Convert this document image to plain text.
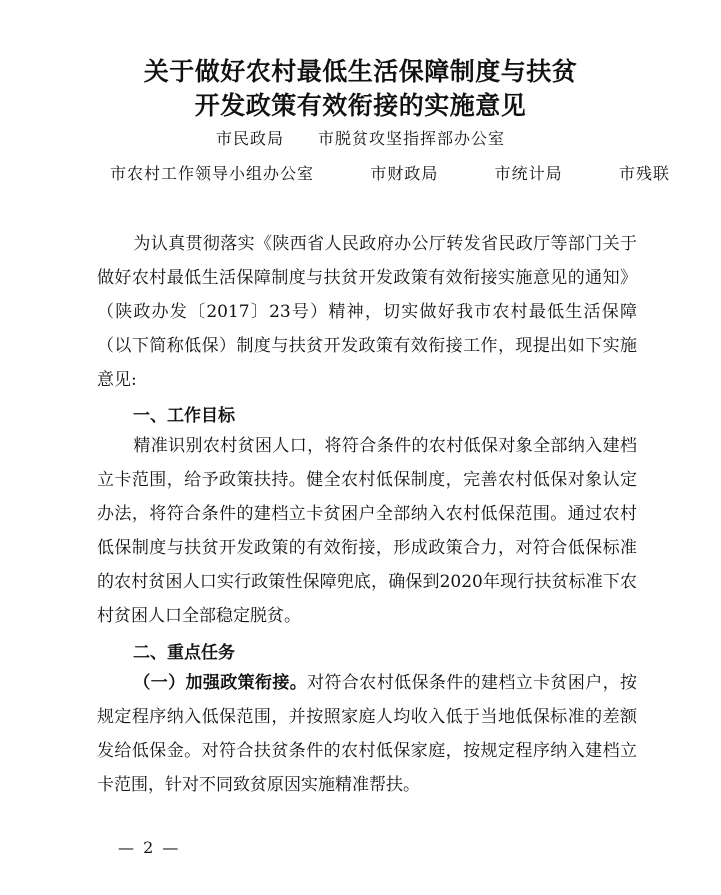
关于做好农村最低生活保障制度与扶贫
开发政策有效衔接的实施意见
市民政局 市脱贫攻坚指挥部办公室
市农村工作领导小组办公室	市财政局	市统计局	市残联

为认真贯彻落实《陕西省人民政府办公厅转发省民政厅等部门关于做好农村最低生活保障制度与扶贫开发政策有效衔接实施意见的通知》（陕政办发〔2017〕23号）精神，切实做好我市农村最低生活保障（以下简称低保）制度与扶贫开发政策有效衔接工作，现提出如下实施意见:

一、工作目标

精准识别农村贫困人口，将符合条件的农村低保对象全部纳入建档立卡范围，给予政策扶持。健全农村低保制度，完善农村低保对象认定办法，将符合条件的建档立卡贫困户全部纳入农村低保范围。通过农村低保制度与扶贫开发政策的有效衔接，形成政策合力，对符合低保标准的农村贫困人口实行政策性保障兜底，确保到2020年现行扶贫标准下农村贫困人口全部稳定脱贫。

二、重点任务

（一）加强政策衔接。对符合农村低保条件的建档立卡贫困户，按规定程序纳入低保范围，并按照家庭人均收入低于当地低保标准的差额发给低保金。对符合扶贫条件的农村低保家庭，按规定程序纳入建档立卡范围，针对不同致贫原因实施精准帮扶。

— 2 —
